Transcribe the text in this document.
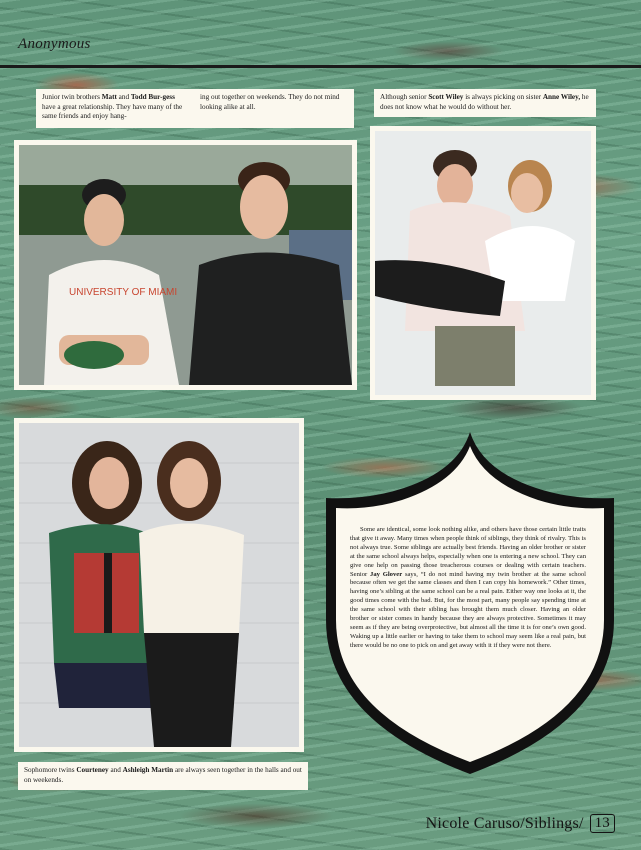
Anonymous
Junior twin brothers Matt and Todd Bur-gess have a great relationship. They have many of the same friends and enjoy hang-
ing out together on weekends. They do not mind looking alike at all.
Although senior Scott Wiley is always picking on sister Anne Wiley, he does not know what he would do without her.
UNIVERSITY OF MIAMI
Sophomore twins Courteney and Ashleigh Martin are always seen together in the halls and out on weekends.
Some are identical, some look nothing alike, and others have those certain little traits that give it away. Many times when people think of siblings, they think of rivalry. This is not always true. Some siblings are actually best friends. Having an older brother or sister at the same school always helps, especially when one is entering a new school. They can give one help on passing those treacherous courses or dealing with certain teachers. Senior Jay Glover says, “I do not mind having my twin brother at the same school because often we get the same classes and then I can copy his homework.” Other times, having one’s sibling at the same school can be a real pain. Either way one looks at it, the good times come with the bad. But, for the most part, many people say spending time at the same school with their sibling has brought them much closer. Having an older brother or sister comes in handy because they are always protective. Sometimes it may seem as if they are being overprotective, but almost all the time it is for one’s own good. Waking up a little earlier or having to take them to school may seem like a real pain, but there would be no one to pick on and get away with it if they were not there.
Nicole Caruso/Siblings/ 13
